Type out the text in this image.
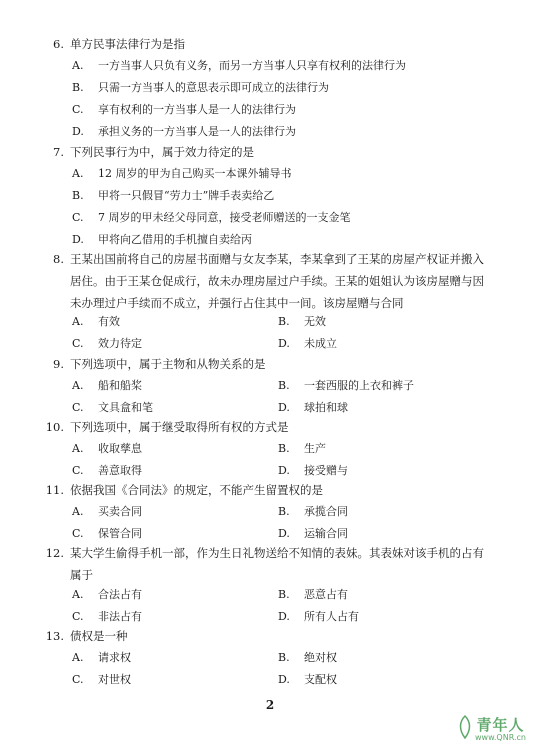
6. 单方民事法律行为是指
A. 一方当事人只负有义务，而另一方当事人只享有权利的法律行为
B. 只需一方当事人的意思表示即可成立的法律行为
C. 享有权利的一方当事人是一人的法律行为
D. 承担义务的一方当事人是一人的法律行为
7. 下列民事行为中，属于效力待定的是
A. 12 周岁的甲为自己购买一本课外辅导书
B. 甲将一只假冒“劳力士”牌手表卖给乙
C. 7 周岁的甲未经父母同意，接受老师赠送的一支金笔
D. 甲将向乙借用的手机擅自卖给丙
8. 王某出国前将自己的房屋书面赠与女友李某，李某拿到了王某的房屋产权证并搬入
居住。由于王某仓促成行，故未办理房屋过户手续。王某的姐姐认为该房屋赠与因
未办理过户手续而不成立，并强行占住其中一间。该房屋赠与合同
A. 有效	B. 无效
C. 效力待定	D. 未成立
9. 下列选项中，属于主物和从物关系的是
A. 船和船桨	B. 一套西服的上衣和裤子
C. 文具盒和笔	D. 球拍和球
10. 下列选项中，属于继受取得所有权的方式是
A. 收取孳息	B. 生产
C. 善意取得	D. 接受赠与
11. 依据我国《合同法》的规定，不能产生留置权的是
A. 买卖合同	B. 承揽合同
C. 保管合同	D. 运输合同
12. 某大学生偷得手机一部，作为生日礼物送给不知情的表妹。其表妹对该手机的占有
属于
A. 合法占有	B. 恶意占有
C. 非法占有	D. 所有人占有
13. 债权是一种
A. 请求权	B. 绝对权
C. 对世权	D. 支配权
2
青年人
www.QNR.cn
